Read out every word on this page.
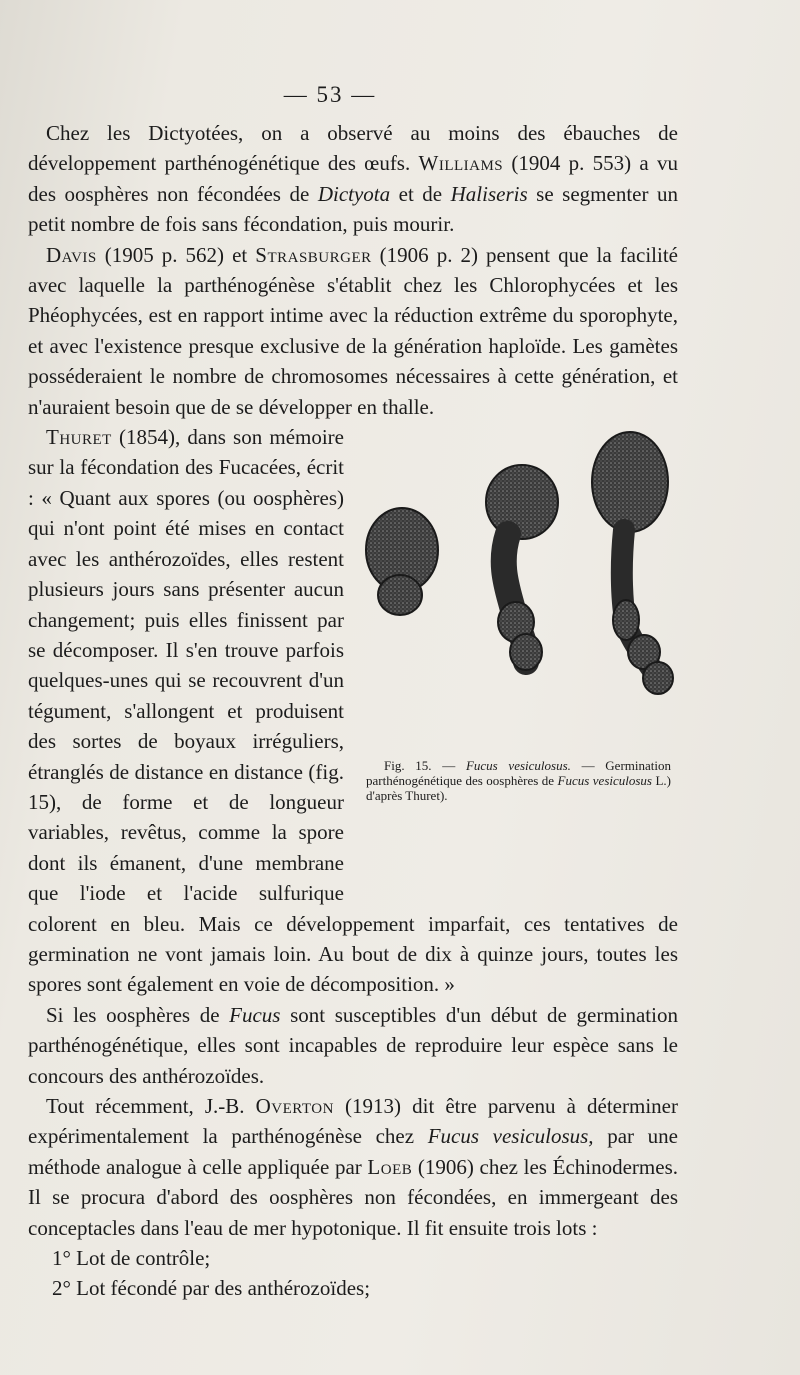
— 53 —

Chez les Dictyotées, on a observé au moins des ébauches de développement parthénogénétique des œufs. Williams (1904 p. 553) a vu des oosphères non fécondées de Dictyota et de Haliseris se segmenter un petit nombre de fois sans fécondation, puis mourir.

Davis (1905 p. 562) et Strasburger (1906 p. 2) pensent que la facilité avec laquelle la parthénogénèse s'établit chez les Chlorophycées et les Phéophycées, est en rapport intime avec la réduction extrême du sporophyte, et avec l'existence presque exclusive de la génération haploïde. Les gamètes posséderaient le nombre de chromosomes nécessaires à cette génération, et n'auraient besoin que de se développer en thalle.

Fig. 15. — Fucus vesiculosus. — Germination parthénogénétique des oosphères de Fucus vesiculosus L.) d'après Thuret).
Thuret (1854), dans son mémoire sur la fécondation des Fucacées, écrit : « Quant aux spores (ou oosphères) qui n'ont point été mises en contact avec les anthérozoïdes, elles restent plusieurs jours sans présenter aucun changement; puis elles finissent par se décomposer. Il s'en trouve parfois quelques-unes qui se recouvrent d'un tégument, s'allongent et produisent des sortes de boyaux irréguliers, étranglés de distance en distance (fig. 15), de forme et de longueur variables, revêtus, comme la spore dont ils émanent, d'une membrane que l'iode et l'acide sulfurique colorent en bleu. Mais ce développement imparfait, ces tentatives de germination ne vont jamais loin. Au bout de dix à quinze jours, toutes les spores sont également en voie de décomposition. »

Si les oosphères de Fucus sont susceptibles d'un début de germination parthénogénétique, elles sont incapables de reproduire leur espèce sans le concours des anthérozoïdes.

Tout récemment, J.-B. Overton (1913) dit être parvenu à déterminer expérimentalement la parthénogénèse chez Fucus vesiculosus, par une méthode analogue à celle appliquée par Loeb (1906) chez les Échinodermes. Il se procura d'abord des oosphères non fécondées, en immergeant des conceptacles dans l'eau de mer hypotonique. Il fit ensuite trois lots :

1° Lot de contrôle;

2° Lot fécondé par des anthérozoïdes;
